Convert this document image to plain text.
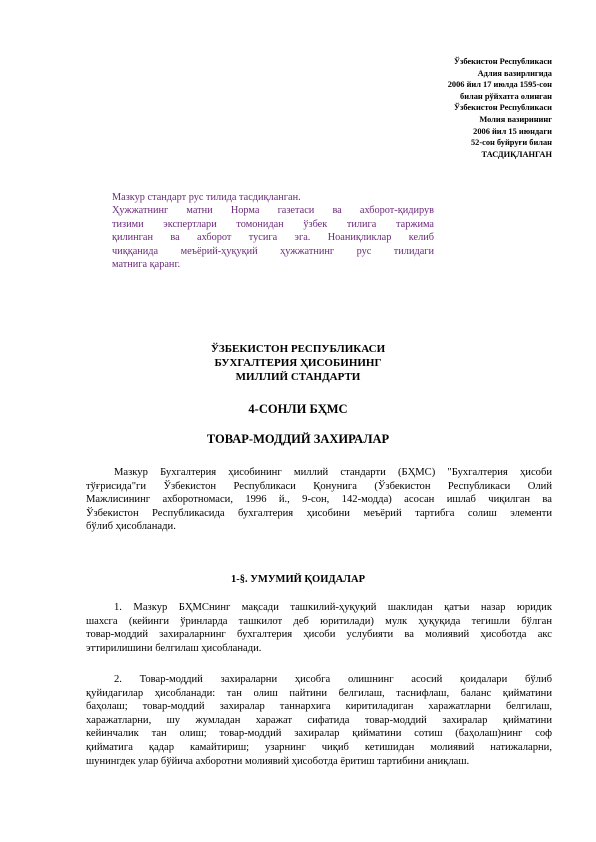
Ўзбекистон Республикаси
Адлия вазирлигида
2006 йил 17 июлда 1595-сон
билан рўйхатга олинган
Ўзбекистон Республикаси
Молия вазирининг
2006 йил 15 июндаги
52-сон буйруғи билан
ТАСДИҚЛАНГАН
Мазкур стандарт рус тилида тасдиқланган.
Ҳужжатнинг матни Норма газетаси ва ахборот-қидирув
тизими экспертлари томонидан ўзбек тилига таржима
қилинган ва ахборот тусига эга. Ноаниқликлар келиб
чиққанида меъёрий-ҳуқуқий ҳужжатнинг рус тилидаги
матнига қаранг.
ЎЗБЕКИСТОН РЕСПУБЛИКАСИ
БУХГАЛТЕРИЯ ҲИСОБИНИНГ
МИЛЛИЙ СТАНДАРТИ
4-СОНЛИ БҲМС
ТОВАР-МОДДИЙ ЗАХИРАЛАР
Мазкур Бухгалтерия ҳисобининг миллий стандарти (БҲМС) "Бухгалтерия ҳисоби
тўғрисида"ги Ўзбекистон Республикаси Қонунига (Ўзбекистон Республикаси Олий
Мажлисининг ахборотномаси, 1996 й., 9-сон, 142-модда) асосан ишлаб чиқилган ва
Ўзбекистон Республикасида бухгалтерия ҳисобини меъёрий тартибга солиш элементи
бўлиб ҳисобланади.
1-§. УМУМИЙ ҚОИДАЛАР
1. Мазкур БҲМСнинг мақсади ташкилий-ҳуқуқий шаклидан қатъи назар юридик
шахсга (кейинги ўринларда ташкилот деб юритилади) мулк ҳуқуқида тегишли бўлган
товар-моддий захираларнинг бухгалтерия ҳисоби услубияти ва молиявий ҳисоботда акс
эттирилишини белгилаш ҳисобланади.
2. Товар-моддий захираларни ҳисобга олишнинг асосий қоидалари бўлиб
қуйидагилар ҳисобланади: тан олиш пайтини белгилаш, таснифлаш, баланс қийматини
баҳолаш; товар-моддий захиралар таннархига киритиладиган харажатларни белгилаш,
харажатларни, шу жумладан харажат сифатида товар-моддий захиралар қийматини
кейинчалик тан олиш; товар-моддий захиралар қийматини сотиш (баҳолаш)нинг соф
қийматига қадар камайтириш; узарнинг чиқиб кетишидан молиявий натижаларни,
шунингдек улар бўйича ахборотни молиявий ҳисоботда ёритиш тартибини аниқлаш.
